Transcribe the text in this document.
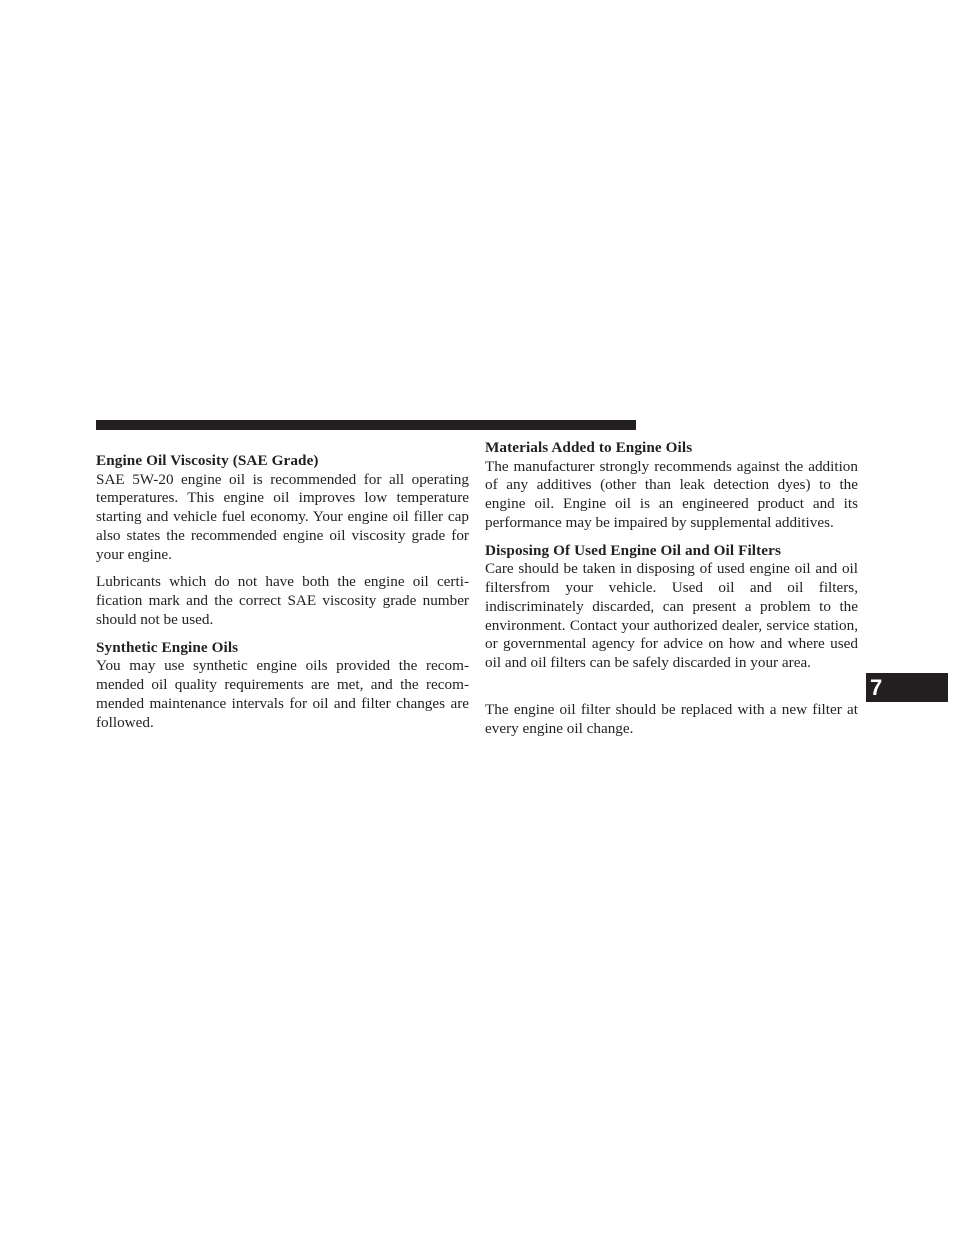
Engine Oil Viscosity (SAE Grade)

SAE 5W-20 engine oil is recommended for all operating temperatures. This engine oil improves low temperature starting and vehicle fuel economy. Your engine oil filler cap also states the recommended engine oil viscosity grade for your engine.

Lubricants which do not have both the engine oil certification mark and the correct SAE viscosity grade number should not be used.

Synthetic Engine Oils

You may use synthetic engine oils provided the recommended oil quality requirements are met, and the recommended maintenance intervals for oil and filter changes are followed.

Materials Added to Engine Oils

The manufacturer strongly recommends against the addition of any additives (other than leak detection dyes) to the engine oil. Engine oil is an engineered product and its performance may be impaired by supplemental additives.

Disposing Of Used Engine Oil and Oil Filters

Care should be taken in disposing of used engine oil and oil filtersfrom your vehicle. Used oil and oil filters, indiscriminately discarded, can present a problem to the environment. Contact your authorized dealer, service station, or governmental agency for advice on how and where used oil and oil filters can be safely discarded in your area.

The engine oil filter should be replaced with a new filter at every engine oil change.

7
